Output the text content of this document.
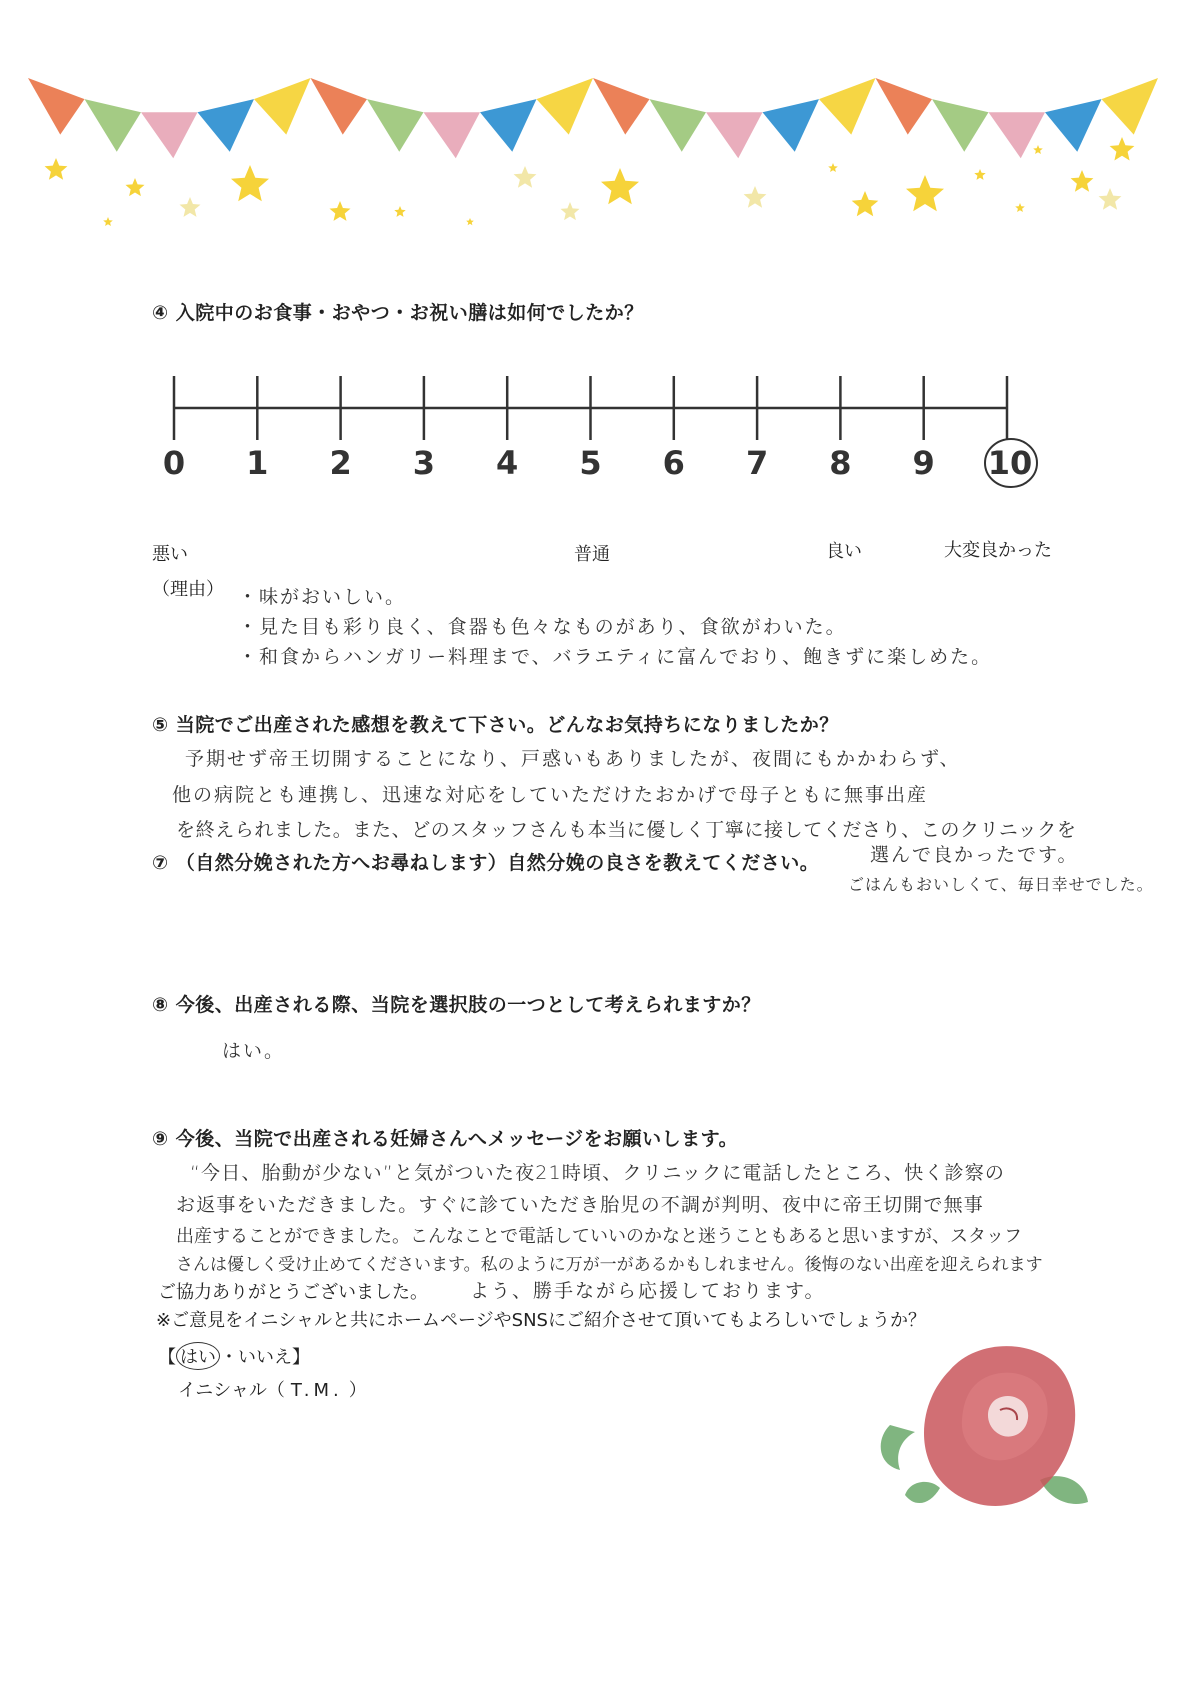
④ 入院中のお食事・おやつ・お祝い膳は如何でしたか？
0 1 2 3 4 5 6 7 8 9 10
悪い	普通	良い	大変良かった
（理由） ・味がおいしい。
・見た目も彩り良く、食器も色々なものがあり、食欲がわいた。
・和食からハンガリー料理まで、バラエティに富んでおり、飽きずに楽しめた。
⑤ 当院でご出産された感想を教えて下さい。どんなお気持ちになりましたか？
予期せず帝王切開することになり、戸惑いもありましたが、夜間にもかかわらず、
他の病院とも連携し、迅速な対応をしていただけたおかげで母子ともに無事出産
を終えられました。また、どのスタッフさんも本当に優しく丁寧に接してくださり、このクリニックを
選んで良かったです。
ごはんもおいしくて、毎日幸せでした。
⑦ （自然分娩された方へお尋ねします）自然分娩の良さを教えてください。
⑧ 今後、出産される際、当院を選択肢の一つとして考えられますか？
はい。
⑨ 今後、当院で出産される妊婦さんへメッセージをお願いします。
“今日、胎動が少ない”と気がついた夜21時頃、クリニックに電話したところ、快く診察の
お返事をいただきました。すぐに診ていただき胎児の不調が判明、夜中に帝王切開で無事
出産することができました。こんなことで電話していいのかなと迷うこともあると思いますが、スタッフ
さんは優しく受け止めてくださいます。私のように万が一があるかもしれません。後悔のない出産を迎えられます
ご協力ありがとうございました。 よう、勝手ながら応援しております。
※ご意見をイニシャルと共にホームページやSNSにご紹介させて頂いてもよろしいでしょうか？
【 はい ・いいえ】
イニシャル（ T.M. ）
